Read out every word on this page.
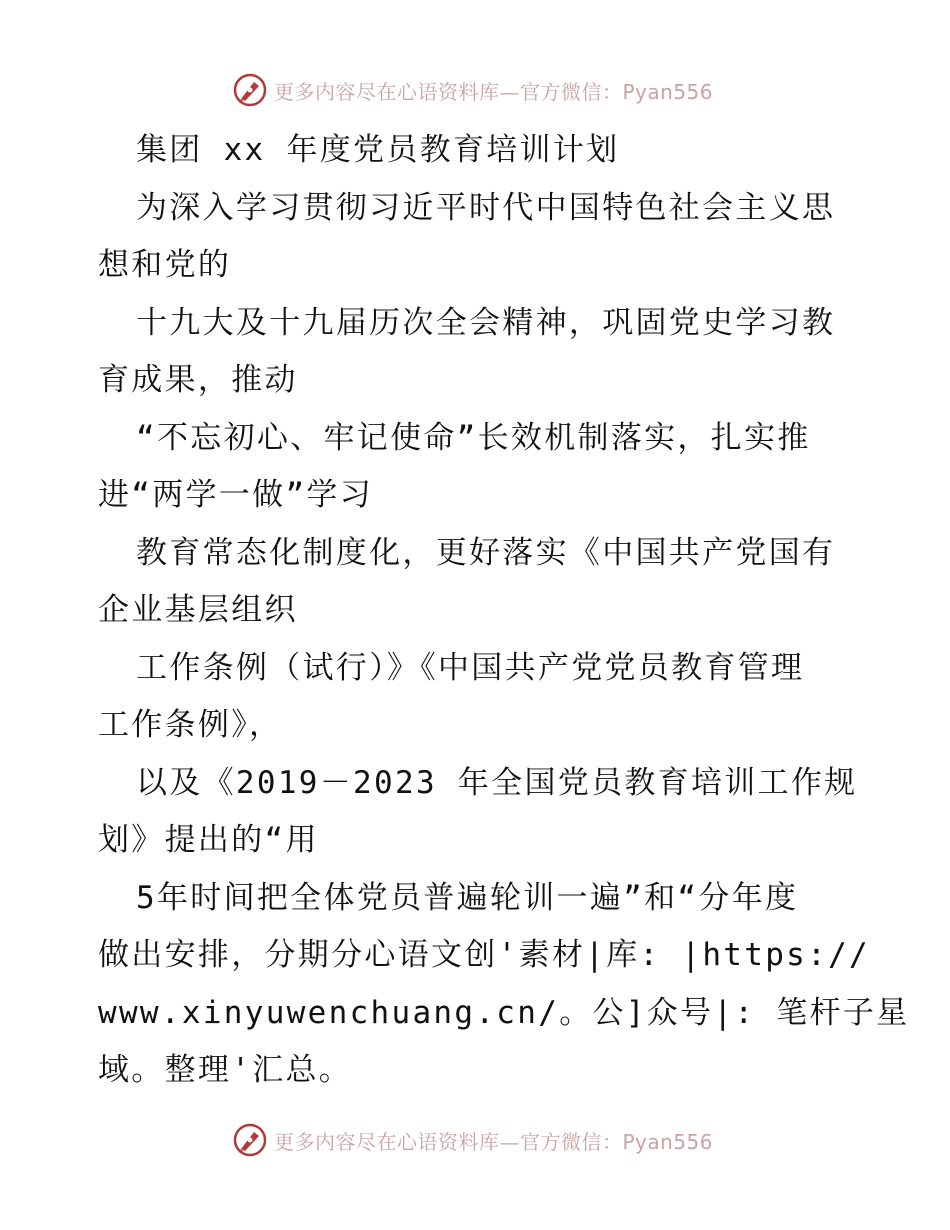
更多内容尽在心语资料库—官方微信：Pyan556
集团 xx 年度党员教育培训计划
为深入学习贯彻习近平时代中国特色社会主义思
想和党的
十九大及十九届历次全会精神，巩固党史学习教
育成果，推动
“不忘初心、牢记使命”长效机制落实，扎实推
进“两学一做”学习
教育常态化制度化，更好落实《中国共产党国有
企业基层组织
工作条例（试行）》《中国共产党党员教育管理
工作条例》，
以及《2019－2023 年全国党员教育培训工作规
划》提出的“用
5年时间把全体党员普遍轮训一遍”和“分年度
做出安排，分期分心语文创'素材|库: |https://
www.xinyuwenchuang.cn/。公]众号|: 笔杆子星
域。整理'汇总。
更多内容尽在心语资料库—官方微信：Pyan556
